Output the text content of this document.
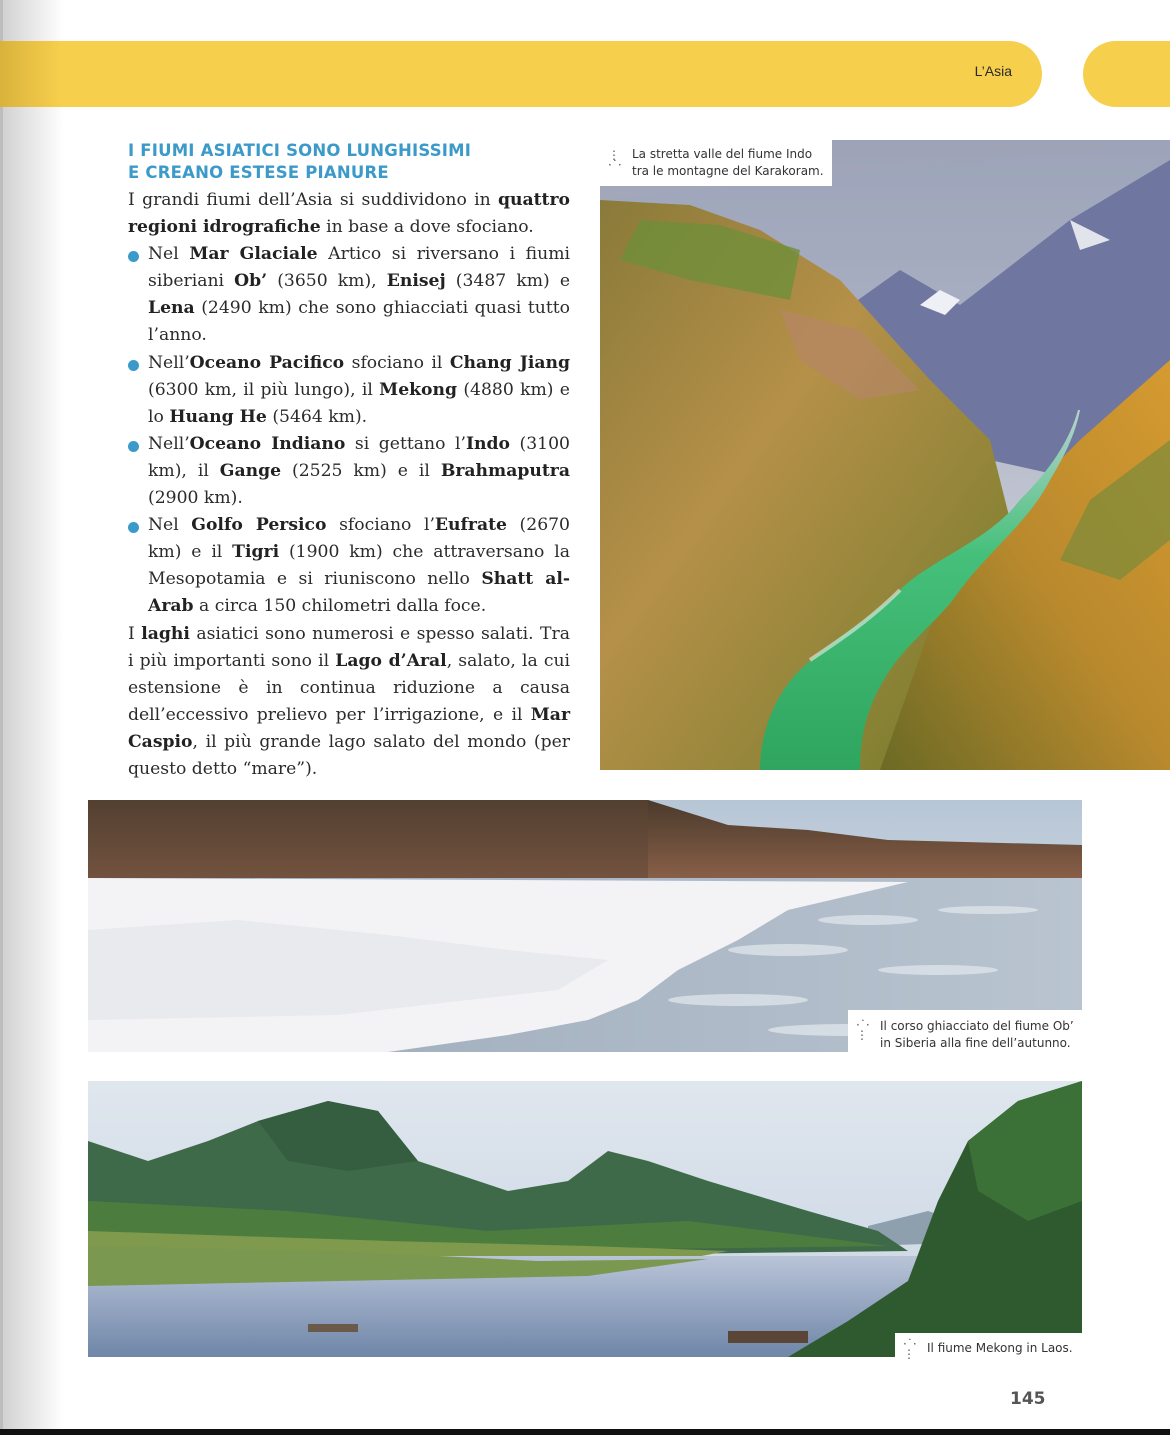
L’Asia
I FIUMI ASIATICI SONO LUNGHISSIMI
E CREANO ESTESE PIANURE

I grandi fiumi dell’Asia si suddividono in quattro regioni idrografiche in base a dove sfociano.

Nel Mar Glaciale Artico si riversano i fiumi siberiani Ob’ (3650 km), Enisej (3487 km) e Lena (2490 km) che sono ghiacciati quasi tutto l’anno.
Nell’Oceano Pacifico sfociano il Chang Jiang (6300 km, il più lungo), il Mekong (4880 km) e lo Huang He (5464 km).
Nell’Oceano Indiano si gettano l’Indo (3100 km), il Gange (2525 km) e il Brahmaputra (2900 km).
Nel Golfo Persico sfociano l’Eufrate (2670 km) e il Tigri (1900 km) che attraversano la Mesopotamia e si riuniscono nello Shatt al-Arab a circa 150 chilometri dalla foce.

I laghi asiatici sono numerosi e spesso salati. Tra i più importanti sono il Lago d’Aral, salato, la cui estensione è in continua riduzione a causa dell’eccessivo prelievo per l’irrigazione, e il Mar Caspio, il più grande lago salato del mondo (per questo detto “mare”).

⋮
·˙·
La stretta valle del fiume Indo
tra le montagne del Karakoram.
·˙·
⋮
Il corso ghiacciato del fiume Ob’
in Siberia alla fine dell’autunno.
·˙·
⋮ Il fiume Mekong in Laos.
145
